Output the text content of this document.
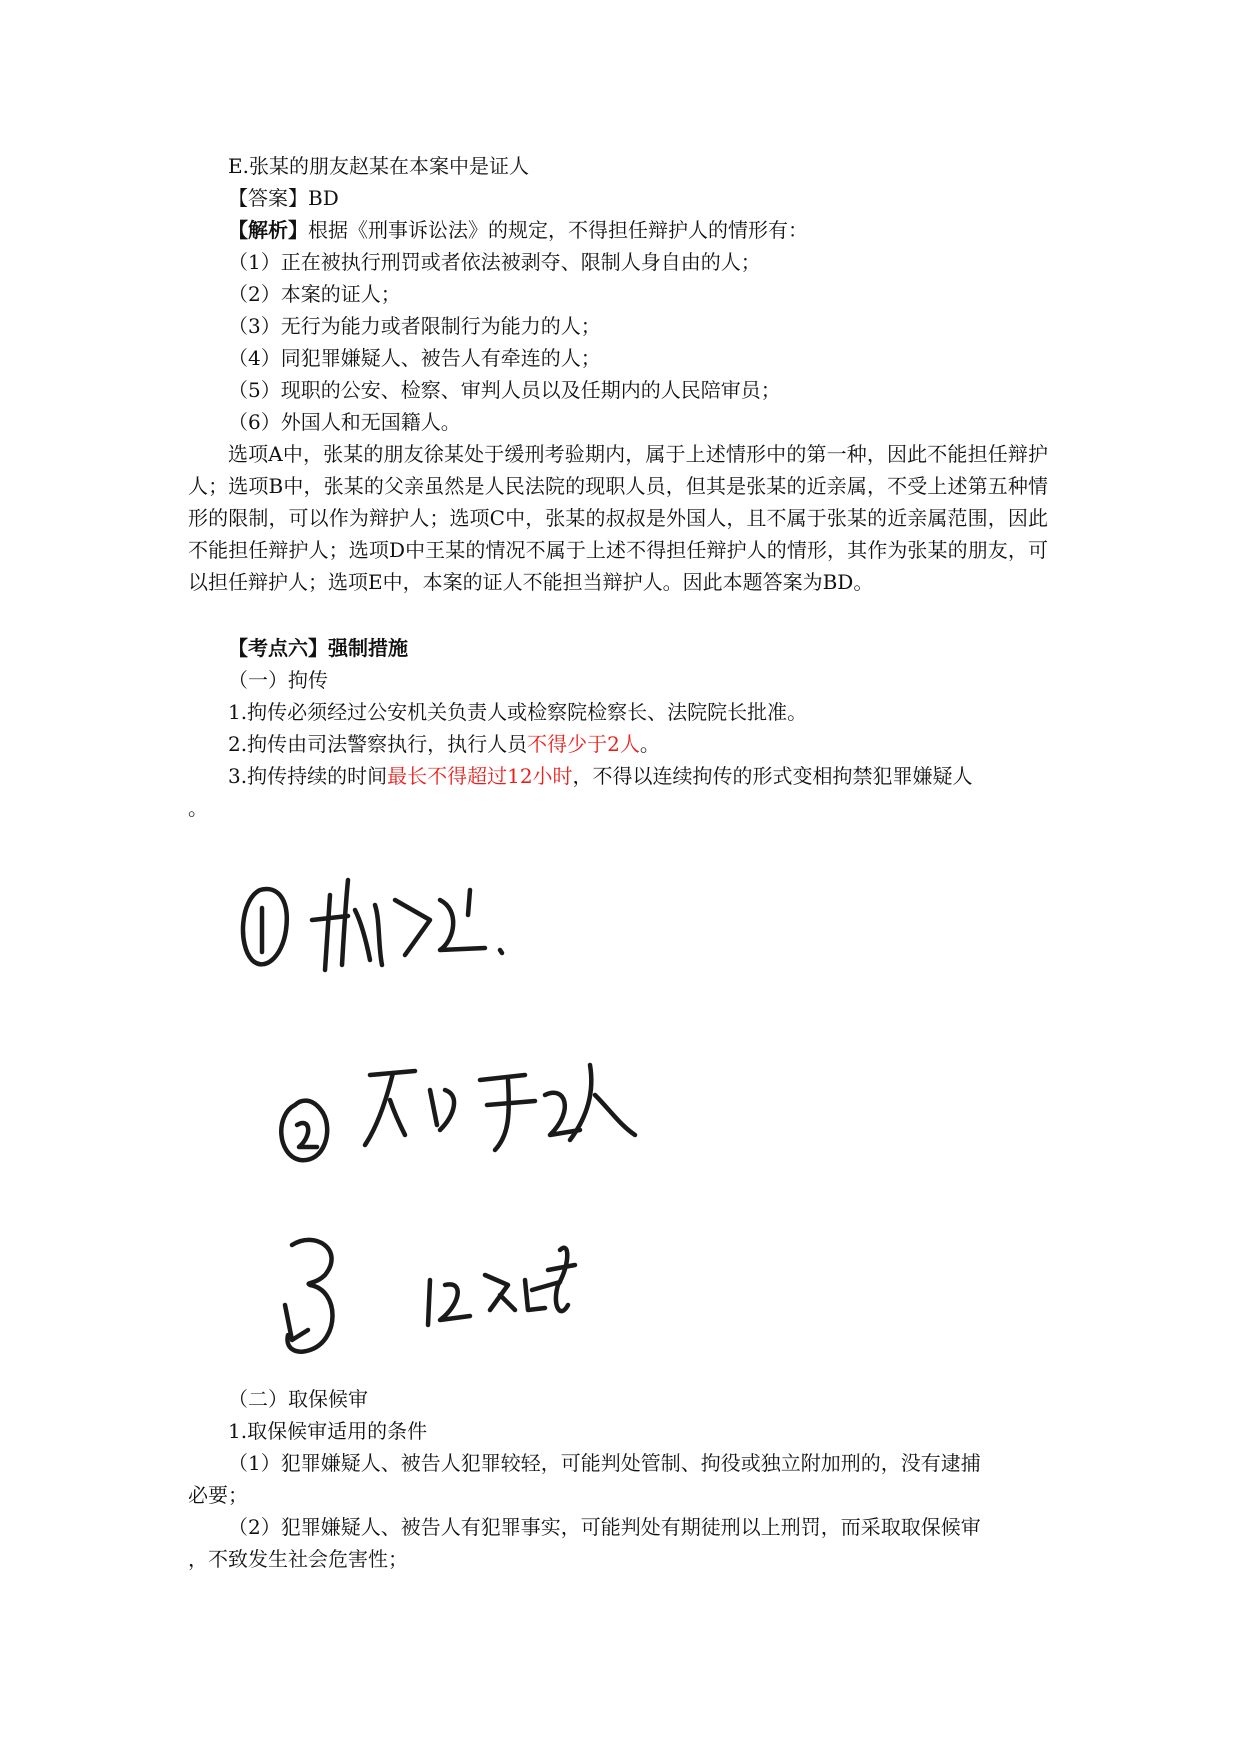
E.张某的朋友赵某在本案中是证人
【答案】BD
【解析】根据《刑事诉讼法》的规定，不得担任辩护人的情形有：
（1）正在被执行刑罚或者依法被剥夺、限制人身自由的人；
（2）本案的证人；
（3）无行为能力或者限制行为能力的人；
（4）同犯罪嫌疑人、被告人有牵连的人；
（5）现职的公安、检察、审判人员以及任期内的人民陪审员；
（6）外国人和无国籍人。
选项A中，张某的朋友徐某处于缓刑考验期内，属于上述情形中的第一种，因此不能担任辩护人；选项B中，张某的父亲虽然是人民法院的现职人员，但其是张某的近亲属，不受上述第五种情形的限制，可以作为辩护人；选项C中，张某的叔叔是外国人，且不属于张某的近亲属范围，因此不能担任辩护人；选项D中王某的情况不属于上述不得担任辩护人的情形，其作为张某的朋友，可以担任辩护人；选项E中，本案的证人不能担当辩护人。因此本题答案为BD。
【考点六】强制措施
（一）拘传
1.拘传必须经过公安机关负责人或检察院检察长、法院院长批准。
2.拘传由司法警察执行，执行人员不得少于2人。
3.拘传持续的时间最长不得超过12小时，不得以连续拘传的形式变相拘禁犯罪嫌疑人
。
（二）取保候审
1.取保候审适用的条件
（1）犯罪嫌疑人、被告人犯罪较轻，可能判处管制、拘役或独立附加刑的，没有逮捕
必要；
（2）犯罪嫌疑人、被告人有犯罪事实，可能判处有期徒刑以上刑罚，而采取取保候审
，不致发生社会危害性；
